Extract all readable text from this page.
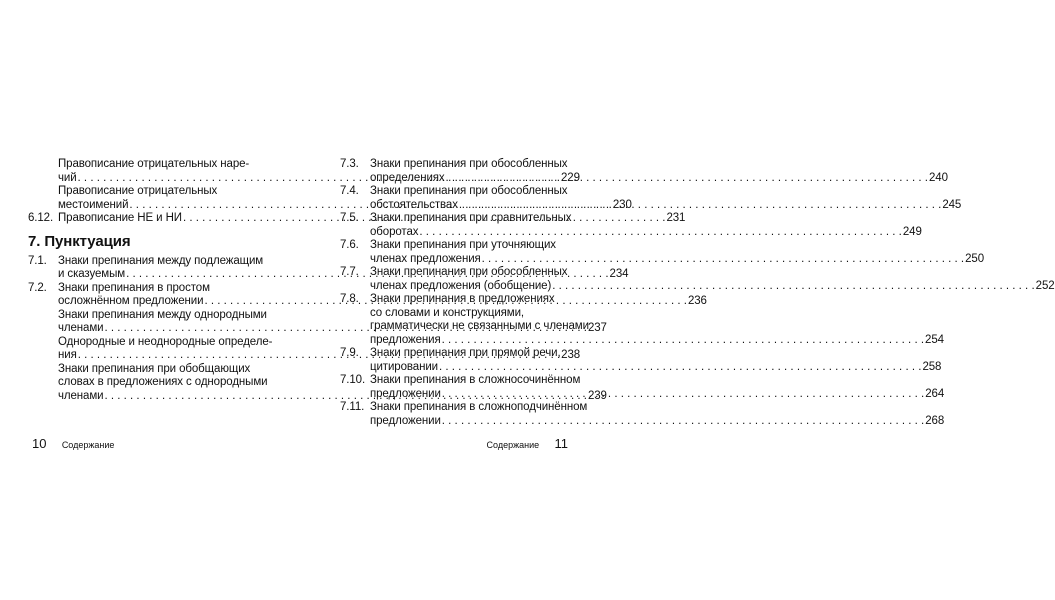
Правописание отрицательных наре-
чий . . .	229
Правописание отрицательных
местоимений . . .	230
6.12. Правописание НЕ и НИ . . .	231
7. Пунктуация
7.1. Знаки препинания между подлежащим
и сказуемым . . .	234
7.2. Знаки препинания в простом
осложнённом предложении . . .	236
Знаки препинания между однородными
членами . . .	237
Однородные и неоднородные определе-
ния . . .	238
Знаки препинания при обобщающих
словах в предложениях с однородными
членами . . .	239
10 Содержание
7.3. Знаки препинания при обособленных
определениях . . .	240
7.4. Знаки препинания при обособленных
обстоятельствах . . .	245
7.5. Знаки препинания при сравнительных
оборотах . . .	249
7.6. Знаки препинания при уточняющих
членах предложения . . .	250
7.7. Знаки препинания при обособленных
членах предложения (обобщение) . . .	252
7.8. Знаки препинания в предложениях
со словами и конструкциями,
грамматически не связанными с членами
предложения . . .	254
7.9. Знаки препинания при прямой речи,
цитировании . . .	258
7.10. Знаки препинания в сложносочинённом
предложении . . .	264
7.11. Знаки препинания в сложноподчинённом
предложении . . .	268
Содержание 11
